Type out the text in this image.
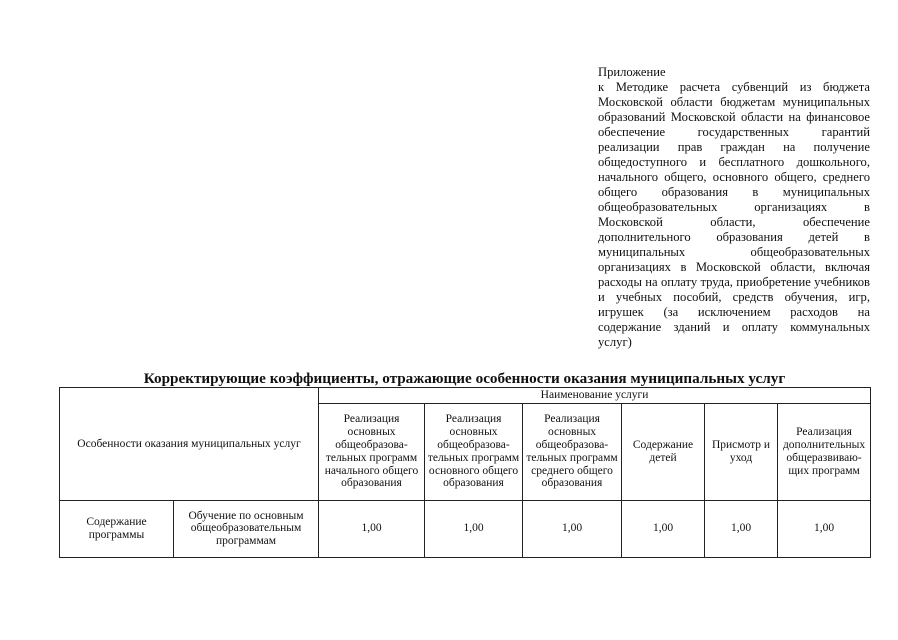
Приложение
к Методике расчета субвенций из бюджета Московской области бюджетам муниципальных образований Московской области на финансовое обеспечение государственных гарантий реализации прав граждан на получение общедоступного и бесплатного дошкольного, начального общего, основного общего, среднего общего образования в муниципальных общеобразовательных организациях в Московской области, обеспечение дополнительного образования детей в муниципальных общеобразовательных организациях в Московской области, включая расходы на оплату труда, приобретение учебников и учебных пособий, средств обучения, игр, игрушек (за исключением расходов на содержание зданий и оплату коммунальных услуг)
Корректирующие коэффициенты, отражающие особенности оказания муниципальных услуг
Особенности оказания муниципальных услуг		Наименование услуги					
		Реализация основных общеобразова-тельных программ начального общего образования	Реализация основных общеобразова-тельных программ основного общего образования	Реализация основных общеобразова-тельных программ среднего общего образования	Содержание детей	Присмотр и уход	Реализация дополнительных общеразвиваю-щих программ
Содержание программы	Обучение по основным общеобразовательным программам	1,00	1,00	1,00	1,00	1,00	1,00
